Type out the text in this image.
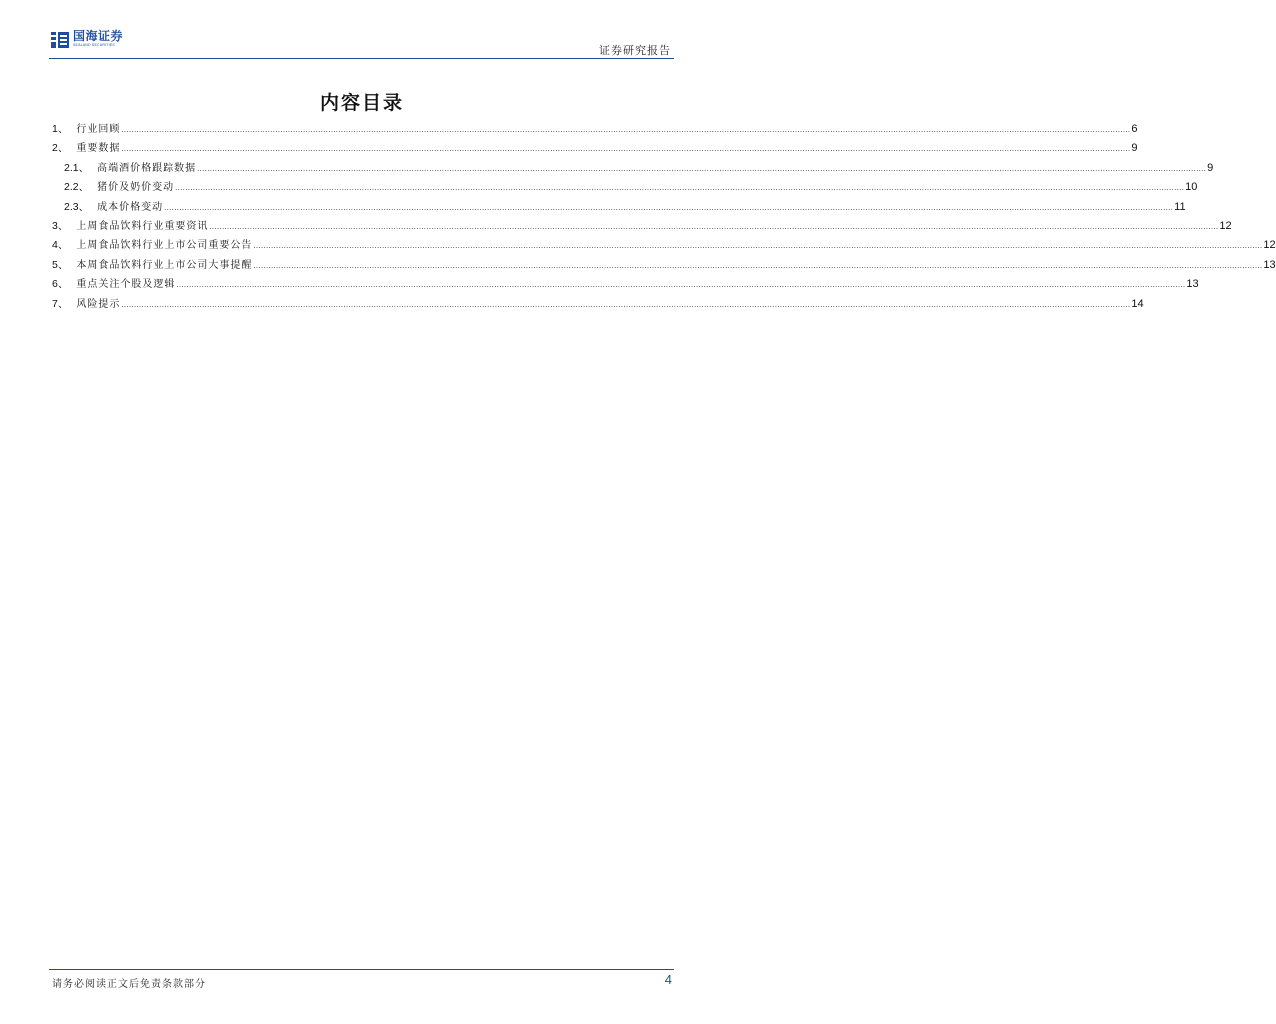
国海证券
SEALAND SECURITIES	证券研究报告
内容目录
1、 行业回顾 ................................................................................................................................................................................................................................................................................................................................................................................................................ 6
2、 重要数据 ................................................................................................................................................................................................................................................................................................................................................................................................................ 9
2.1、 高端酒价格跟踪数据 ................................................................................................................................................................................................................................................................................................................................................................................................................ 9
2.2、 猪价及奶价变动 ................................................................................................................................................................................................................................................................................................................................................................................................................ 10
2.3、 成本价格变动 ................................................................................................................................................................................................................................................................................................................................................................................................................ 11
3、 上周食品饮料行业重要资讯 ................................................................................................................................................................................................................................................................................................................................................................................................................ 12
4、 上周食品饮料行业上市公司重要公告 ................................................................................................................................................................................................................................................................................................................................................................................................................ 12
5、 本周食品饮料行业上市公司大事提醒 ................................................................................................................................................................................................................................................................................................................................................................................................................ 13
6、 重点关注个股及逻辑 ................................................................................................................................................................................................................................................................................................................................................................................................................ 13
7、 风险提示 ................................................................................................................................................................................................................................................................................................................................................................................................................ 14
请务必阅读正文后免责条款部分	4
